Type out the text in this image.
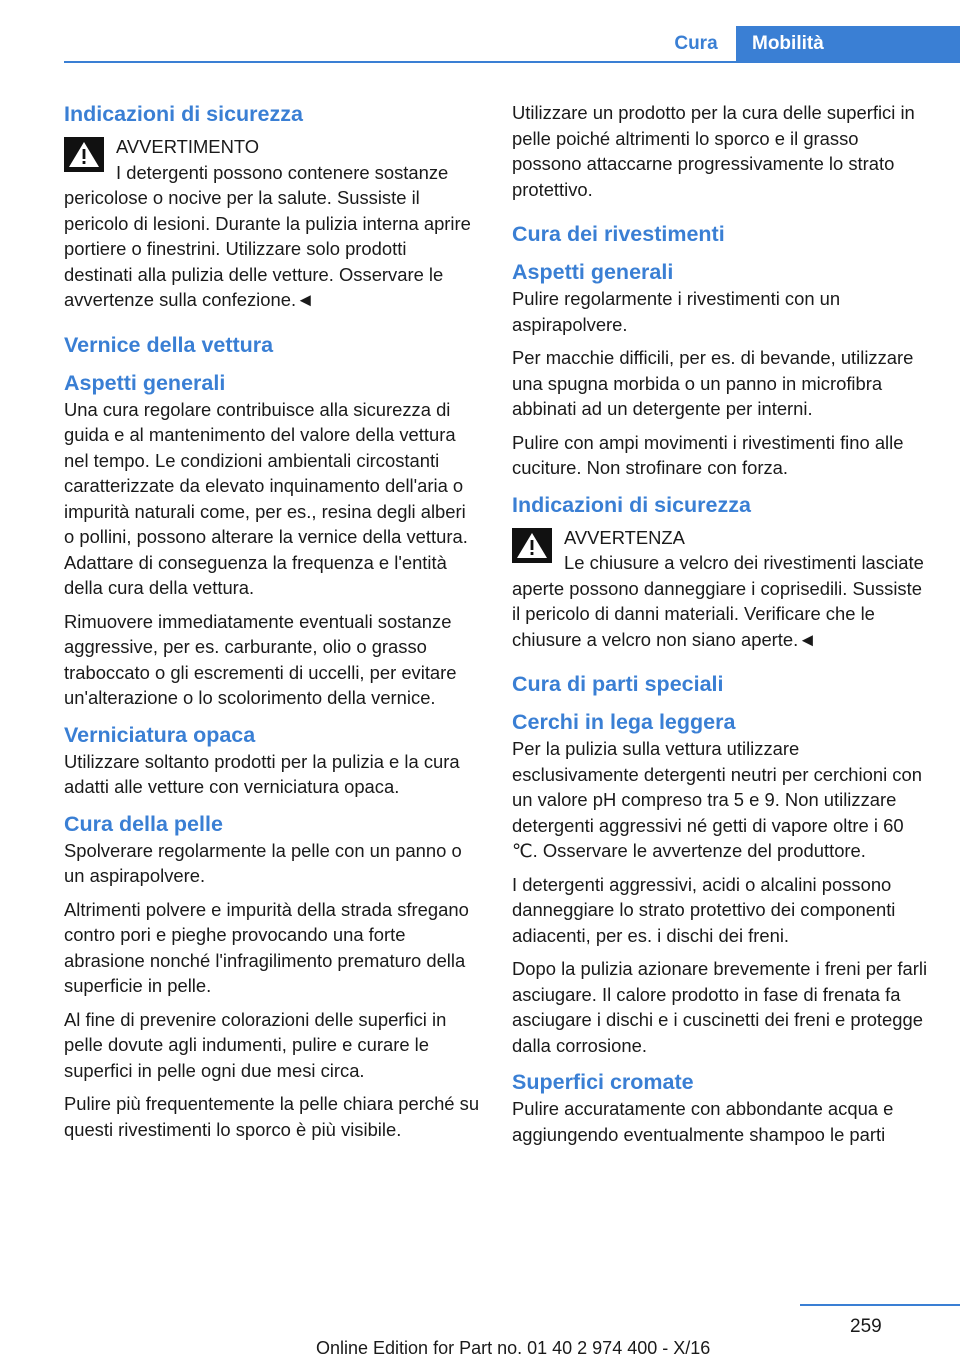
Cura	Mobilità
Indicazioni di sicurezza
AVVERTIMENTO

I detergenti possono contenere sostanze pericolose o nocive per la salute. Sussiste il pericolo di lesioni. Durante la pulizia interna aprire portiere o finestrini. Utilizzare solo prodotti destinati alla pulizia delle vetture. Osservare le avvertenze sulla confezione.◄

Vernice della vettura
Aspetti generali

Una cura regolare contribuisce alla sicurezza di guida e al mantenimento del valore della vettura nel tempo. Le condizioni ambientali circostanti caratterizzate da elevato inquinamento dell'aria o impurità naturali come, per es., resina degli alberi o pollini, possono alterare la vernice della vettura. Adattare di conseguenza la frequenza e l'entità della cura della vettura.

Rimuovere immediatamente eventuali sostanze aggressive, per es. carburante, olio o grasso traboccato o gli escrementi di uccelli, per evitare un'alterazione o lo scolorimento della vernice.

Verniciatura opaca

Utilizzare soltanto prodotti per la pulizia e la cura adatti alle vetture con verniciatura opaca.

Cura della pelle

Spolverare regolarmente la pelle con un panno o un aspirapolvere.

Altrimenti polvere e impurità della strada sfregano contro pori e pieghe provocando una forte abrasione nonché l'infragilimento prematuro della superficie in pelle.

Al fine di prevenire colorazioni delle superfici in pelle dovute agli indumenti, pulire e curare le superfici in pelle ogni due mesi circa.

Pulire più frequentemente la pelle chiara perché su questi rivestimenti lo sporco è più visibile.

Utilizzare un prodotto per la cura delle superfici in pelle poiché altrimenti lo sporco e il grasso possono attaccarne progressivamente lo strato protettivo.

Cura dei rivestimenti
Aspetti generali

Pulire regolarmente i rivestimenti con un aspirapolvere.

Per macchie difficili, per es. di bevande, utilizzare una spugna morbida o un panno in microfibra abbinati ad un detergente per interni.

Pulire con ampi movimenti i rivestimenti fino alle cuciture. Non strofinare con forza.

Indicazioni di sicurezza
AVVERTENZA

Le chiusure a velcro dei rivestimenti lasciate aperte possono danneggiare i coprisedili. Sussiste il pericolo di danni materiali. Verificare che le chiusure a velcro non siano aperte.◄

Cura di parti speciali
Cerchi in lega leggera

Per la pulizia sulla vettura utilizzare esclusivamente detergenti neutri per cerchioni con un valore pH compreso tra 5 e 9. Non utilizzare detergenti aggressivi né getti di vapore oltre i 60 ℃. Osservare le avvertenze del produttore.

I detergenti aggressivi, acidi o alcalini possono danneggiare lo strato protettivo dei componenti adiacenti, per es. i dischi dei freni.

Dopo la pulizia azionare brevemente i freni per farli asciugare. Il calore prodotto in fase di frenata fa asciugare i dischi e i cuscinetti dei freni e protegge dalla corrosione.

Superfici cromate

Pulire accuratamente con abbondante acqua e aggiungendo eventualmente shampoo le parti

259
Online Edition for Part no. 01 40 2 974 400 - X/16
